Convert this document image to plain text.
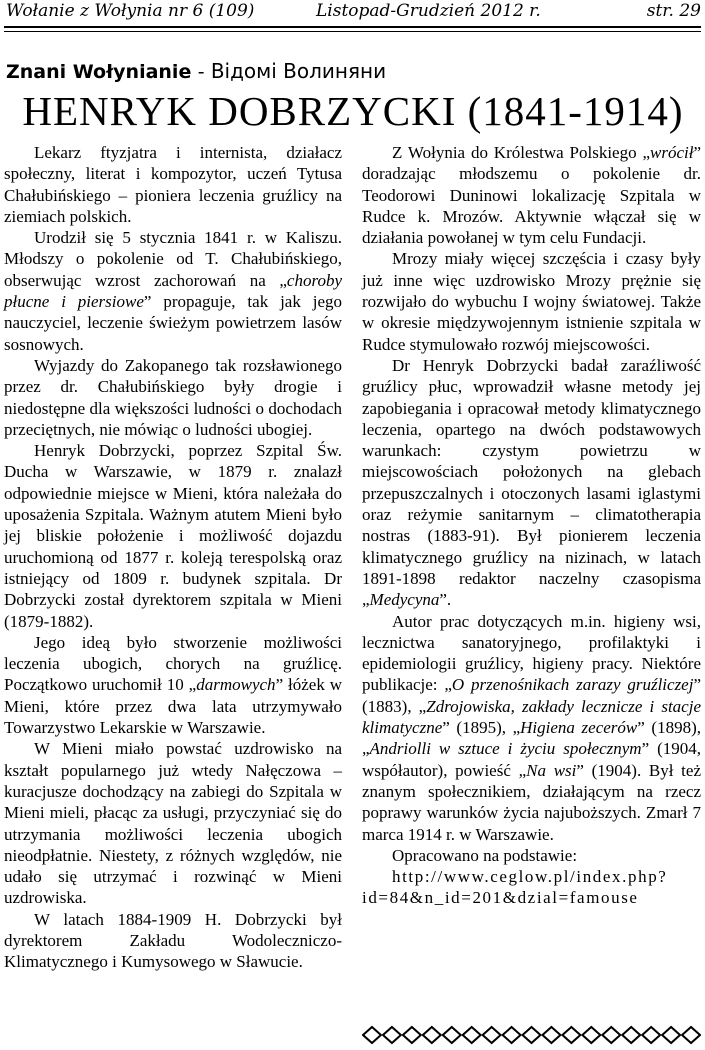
Wołanie z Wołynia nr 6 (109)	Listopad-Grudzień 2012 r.	str. 29
Znani Wołynianie - Відомі Волиняни
HENRYK DOBRZYCKI (1841-1914)

Lekarz ftyzjatra i internista, działacz społeczny, literat i kompozytor, uczeń Tytusa Chałubińskiego – pioniera leczenia gruźlicy na ziemiach polskich.

Urodził się 5 stycznia 1841 r. w Kaliszu. Młodszy o pokolenie od T. Chałubińskiego, obserwując wzrost zachorowań na „choroby płucne i piersiowe” propaguje, tak jak jego nauczyciel, leczenie świeżym powietrzem lasów sosnowych.

Wyjazdy do Zakopanego tak rozsławionego przez dr. Chałubińskiego były drogie i niedostępne dla większości ludności o dochodach przeciętnych, nie mówiąc o ludności ubogiej.

Henryk Dobrzycki, poprzez Szpital Św. Ducha w Warszawie, w 1879 r. znalazł odpowiednie miejsce w Mieni, która należała do uposażenia Szpitala. Ważnym atutem Mieni było jej bliskie położenie i możliwość dojazdu uruchomioną od 1877 r. koleją terespolską oraz istniejący od 1809 r. budynek szpitala. Dr Dobrzycki został dyrektorem szpitala w Mieni (1879-1882).

Jego ideą było stworzenie możliwości leczenia ubogich, chorych na gruźlicę. Początkowo uruchomił 10 „darmowych” łóżek w Mieni, które przez dwa lata utrzymywało Towarzystwo Lekarskie w Warszawie.

W Mieni miało powstać uzdrowisko na kształt popularnego już wtedy Nałęczowa – kuracjusze dochodzący na zabiegi do Szpitala w Mieni mieli, płacąc za usługi, przyczyniać się do utrzymania możliwości leczenia ubogich nieodpłatnie. Niestety, z różnych względów, nie udało się utrzymać i rozwinąć w Mieni uzdrowiska.

W latach 1884-1909 H. Dobrzycki był dyrektorem Zakładu Wodoleczniczo-Klimatycznego i Kumysowego w Sławucie.

Z Wołynia do Królestwa Polskiego „wrócił” doradzając młodszemu o pokolenie dr. Teodorowi Duninowi lokalizację Szpitala w Rudce k. Mrozów. Aktywnie włączał się w działania powołanej w tym celu Fundacji.

Mrozy miały więcej szczęścia i czasy były już inne więc uzdrowisko Mrozy prężnie się rozwijało do wybuchu I wojny światowej. Także w okresie międzywojennym istnienie szpitala w Rudce stymulowało rozwój miejscowości.

Dr Henryk Dobrzycki badał zaraźliwość gruźlicy płuc, wprowadził własne metody jej zapobiegania i opracował metody klimatycznego leczenia, opartego na dwóch podstawowych warunkach: czystym powietrzu w miejscowościach położonych na glebach przepuszczalnych i otoczonych lasami iglastymi oraz reżymie sanitarnym – climatotherapia nostras (1883-91). Był pionierem leczenia klimatycznego gruźlicy na nizinach, w latach 1891-1898 redaktor naczelny czasopisma „Medycyna”.

Autor prac dotyczących m.in. higieny wsi, lecznictwa sanatoryjnego, profilaktyki i epidemiologii gruźlicy, higieny pracy. Niektóre publikacje: „O przenośnikach zarazy gruźliczej” (1883), „Zdrojowiska, zakłady lecznicze i stacje klimatyczne” (1895), „Higiena zecerów” (1898), „Andriolli w sztuce i życiu społecznym” (1904, współautor), powieść „Na wsi” (1904). Był też znanym społecznikiem, działającym na rzecz poprawy warunków życia najuboższych. Zmarł 7 marca 1914 r. w Warszawie.

Opracowano na podstawie:

http://www.ceglow.pl/index.php?id=84&n_id=201&dzial=famouse
